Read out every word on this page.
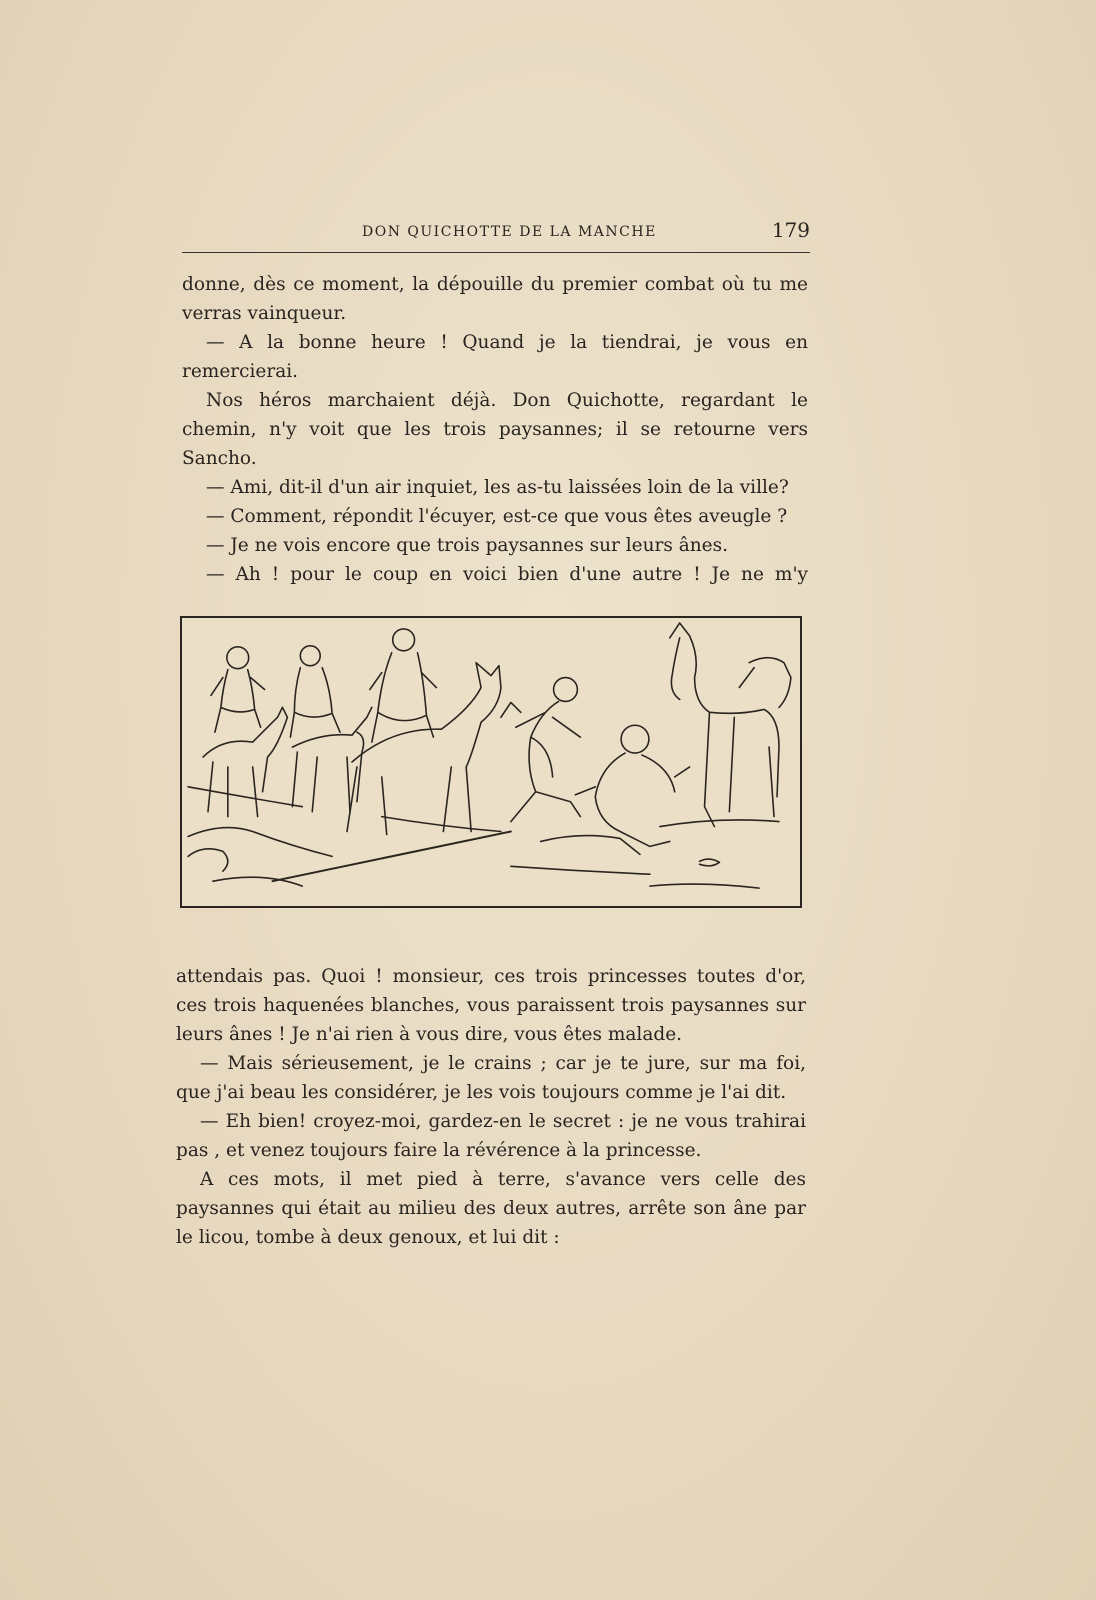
DON QUICHOTTE DE LA MANCHE	179

donne, dès ce moment, la dépouille du premier combat où tu me verras vainqueur.

— A la bonne heure ! Quand je la tiendrai, je vous en remercierai.

Nos héros marchaient déjà. Don Quichotte, regardant le chemin, n'y voit que les trois paysannes; il se retourne vers Sancho.

— Ami, dit-il d'un air inquiet, les as-tu laissées loin de la ville?

— Comment, répondit l'écuyer, est-ce que vous êtes aveugle ?

— Je ne vois encore que trois paysannes sur leurs ânes.

— Ah ! pour le coup en voici bien d'une autre ! Je ne m'y

attendais pas. Quoi ! monsieur, ces trois princesses toutes d'or, ces trois haquenées blanches, vous paraissent trois paysannes sur leurs ânes ! Je n'ai rien à vous dire, vous êtes malade.

— Mais sérieusement, je le crains ; car je te jure, sur ma foi, que j'ai beau les considérer, je les vois toujours comme je l'ai dit.

— Eh bien! croyez-moi, gardez-en le secret : je ne vous trahirai pas , et venez toujours faire la révérence à la princesse.

A ces mots, il met pied à terre, s'avance vers celle des paysannes qui était au milieu des deux autres, arrête son âne par le licou, tombe à deux genoux, et lui dit :
